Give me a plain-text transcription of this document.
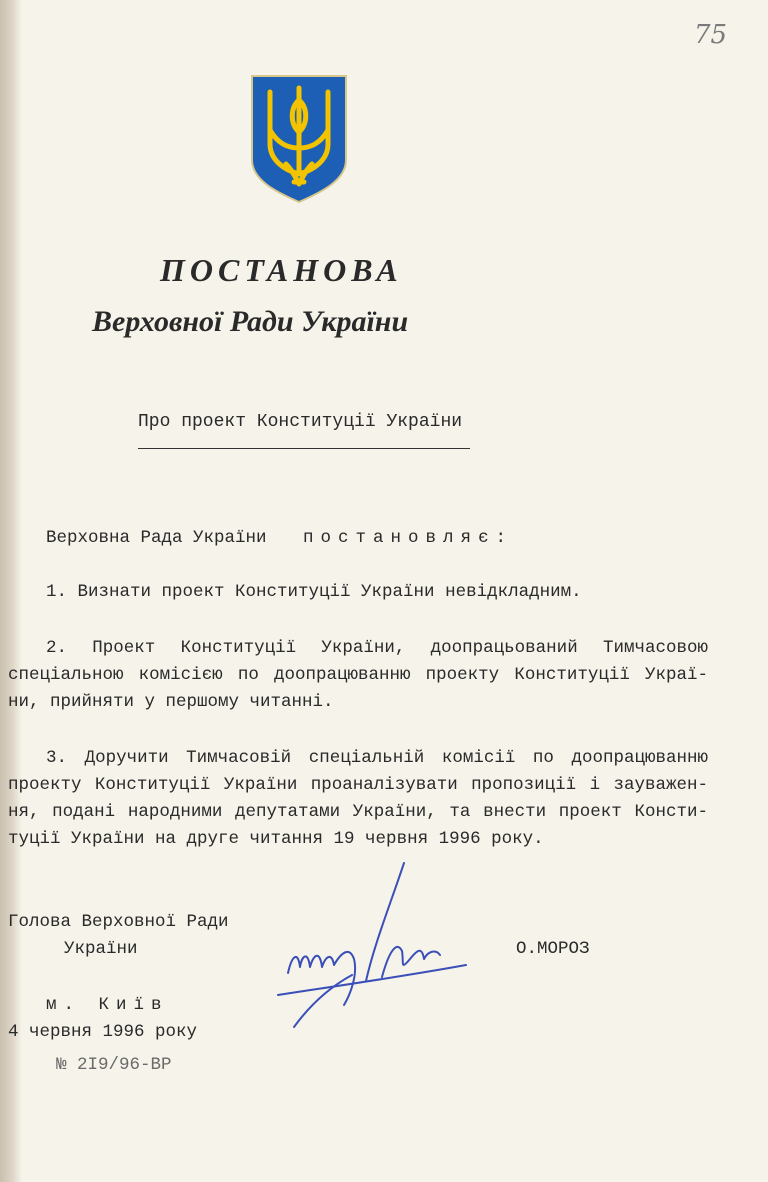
75
ПОСТАНОВА
Верховної Ради України
Про проект Конституції України
Верховна Рада України постановляє:
1. Визнати проект Конституції України невідкладним.
2. Проект Конституції України, доопрацьований Тимчасовою
спеціальною комісією по доопрацюванню проекту Конституції Украї-
ни, прийняти у першому читанні.
3. Доручити Тимчасовій спеціальній комісії по доопрацюванню
проекту Конституції України проаналізувати пропозиції і зауважен-
ня, подані народними депутатами України, та внести проект Консти-
туції України на друге читання 19 червня 1996 року.
Голова Верховної Ради
України	О.МОРОЗ
м. Київ
4 червня 1996 року
№ 2І9/96-ВР
